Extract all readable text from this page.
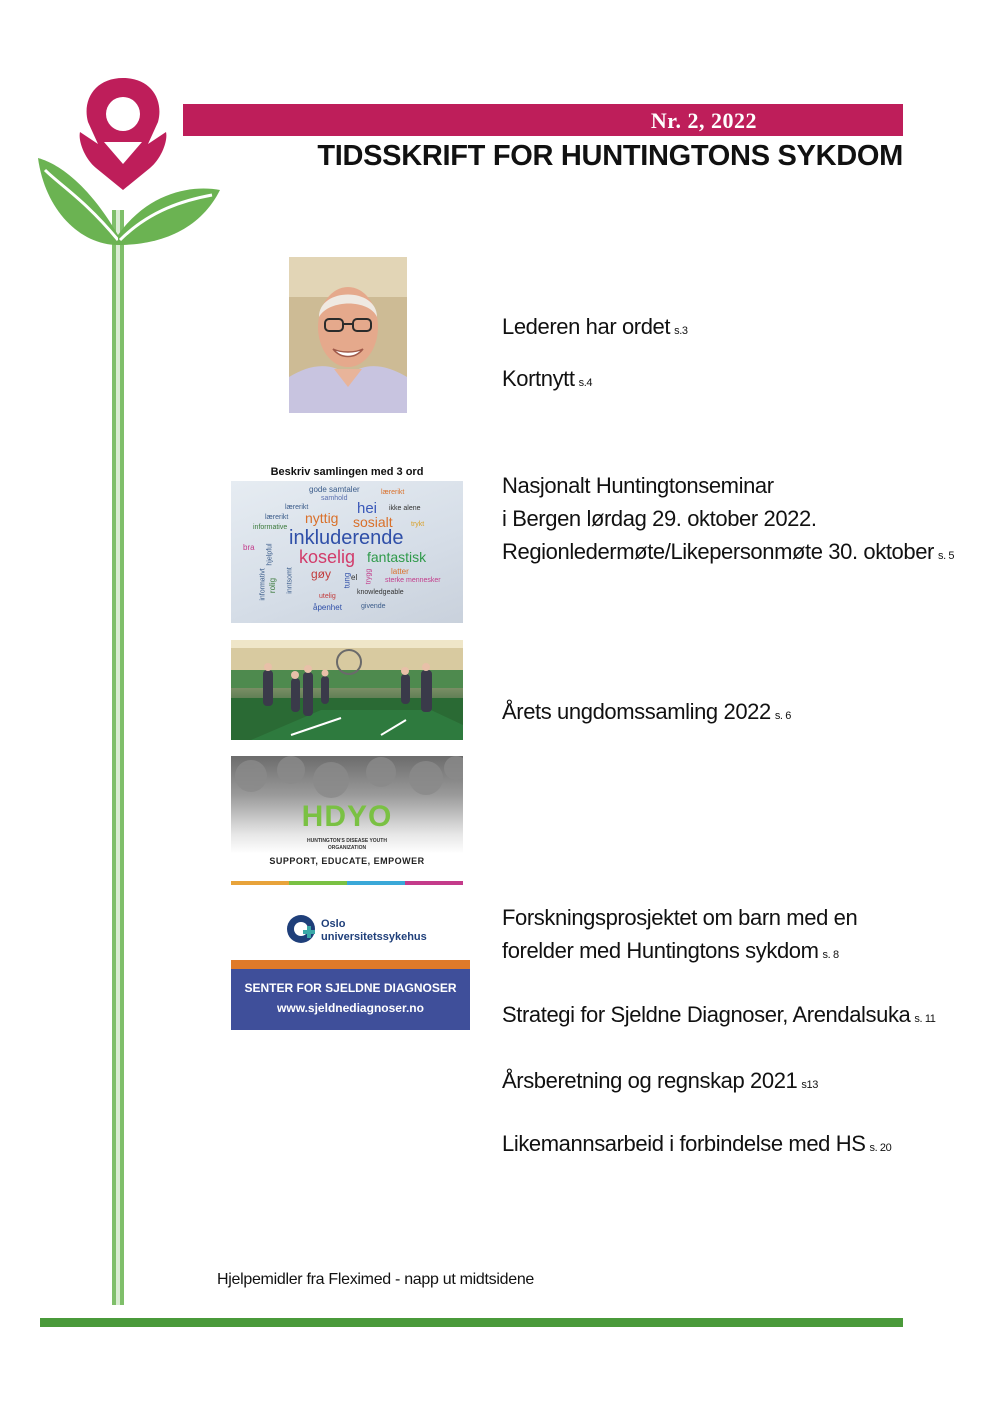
Nr. 2, 2022
TIDSSKRIFT FOR HUNTINGTONS SYKDOM
Lederen har ordet s.3
Kortnytt s.4
Nasjonalt Huntingtonseminar
i Bergen lørdag 29. oktober 2022.
Regionledermøte/Likepersonmøte 30. oktober s. 5
Årets ungdomssamling 2022 s. 6
Forskningsprosjektet om barn med en
forelder med Huntingtons sykdom s. 8
Strategi for Sjeldne Diagnoser, Arendalsuka s. 11
Årsberetning og regnskap 2021 s13
Likemannsarbeid i forbindelse med HS s. 20
Beskriv samlingen med 3 ord
gode samtaler	lærerikt
samhold
lærerikt	hei ikke alene
lærerikt nyttig sosialt	trykt
informative inkluderende
bra koselig fantastisk
gøy	latter
sterke mennesker
informativt
hjelpful
rolig inntsomt	tung el trygg
utelig
knowledgeable
åpenhet	givende
HDYO
HUNTINGTON'S DISEASE YOUTH ORGANIZATION
SUPPORT, EDUCATE, EMPOWER
Oslo
universitetssykehus
SENTER FOR SJELDNE DIAGNOSER
www.sjeldnediagnoser.no
Hjelpemidler fra Fleximed - napp ut midtsidene
